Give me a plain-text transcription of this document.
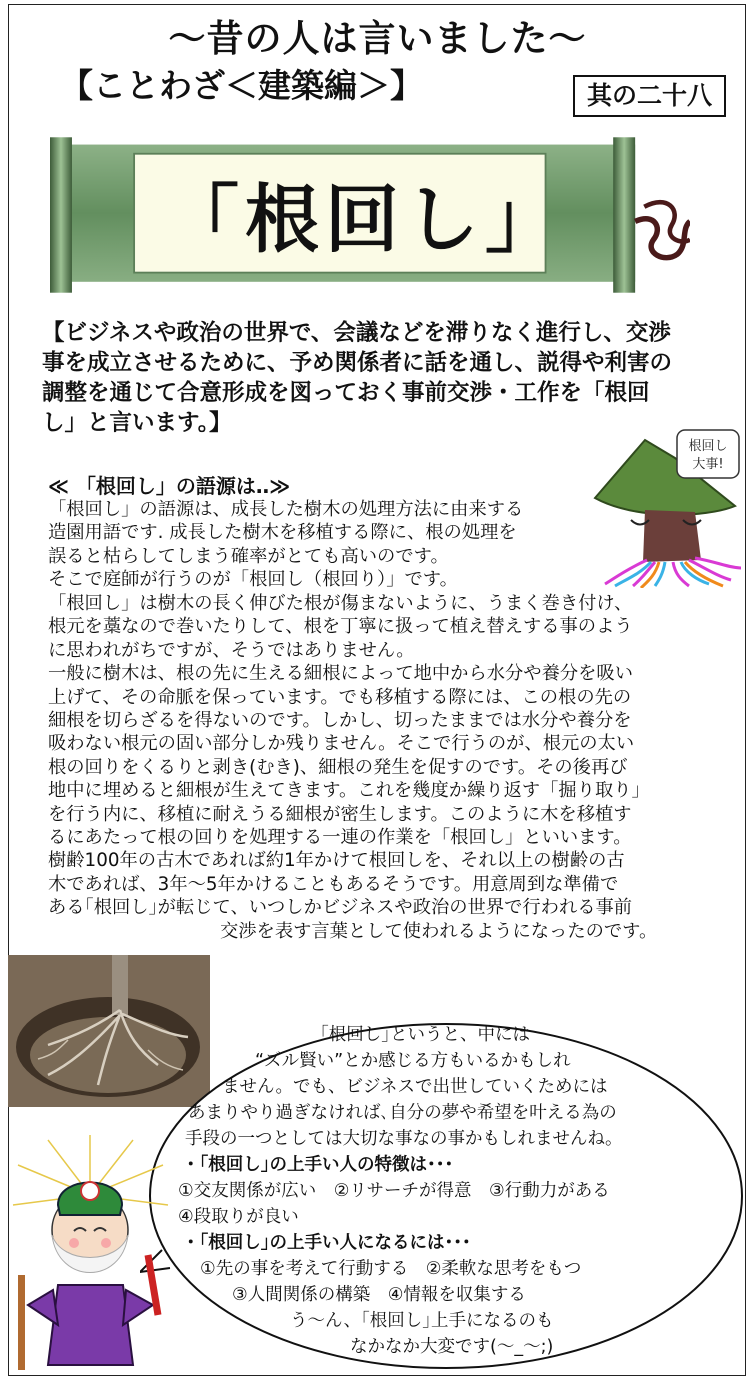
～昔の人は言いました～
【ことわざ＜建築編＞】	其の二十八
「根回し」
【ビジネスや政治の世界で、会議などを滞りなく進行し、交渉
事を成立させるために、予め関係者に話を通し、説得や利害の
調整を通じて合意形成を図っておく事前交渉・工作を「根回
し」と言います。】
根回し
大事!
≪ 「根回し」の語源は‥≫

「根回し」の語源は、成長した樹木の処理方法に由来する

造園用語です. 成長した樹木を移植する際に、根の処理を

誤ると枯らしてしまう確率がとても高いのです。

そこで庭師が行うのが「根回し（根回り）」です。

「根回し」は樹木の長く伸びた根が傷まないように、うまく巻き付け、

根元を藁なので巻いたりして、根を丁寧に扱って植え替えする事のよう

に思われがちですが、そうではありません。

一般に樹木は、根の先に生える細根によって地中から水分や養分を吸い

上げて、その命脈を保っています。でも移植する際には、この根の先の

細根を切らざるを得ないのです。しかし、切ったままでは水分や養分を

吸わない根元の固い部分しか残りません。そこで行うのが、根元の太い

根の回りをくるりと剥き(むき)、細根の発生を促すのです。その後再び

地中に埋めると細根が生えてきます。これを幾度か繰り返す「掘り取り」

を行う内に、移植に耐えうる細根が密生します。このように木を移植す

るにあたって根の回りを処理する一連の作業を「根回し」といいます。

樹齢100年の古木であれば約1年かけて根回しを、それ以上の樹齢の古

木であれば、3年～5年かけることもあるそうです。用意周到な準備で

ある｢根回し｣が転じて、いつしかビジネスや政治の世界で行われる事前

交渉を表す言葉として使われるようになったのです。

｢根回し｣というと、中には

“ズル賢い”とか感じる方もいるかもしれ

ません。でも、ビジネスで出世していくためには

あまりやり過ぎなければ､自分の夢や希望を叶える為の

手段の一つとしては大切な事なの事かもしれませんね。

・｢根回し｣の上手い人の特徴は･･･

①交友関係が広い　②リサーチが得意　③行動力がある

④段取りが良い

・｢根回し｣の上手い人になるには･･･

①先の事を考えて行動する　②柔軟な思考をもつ

③人間関係の構築　④情報を収集する

う～ん、｢根回し｣上手になるのも

なかなか大変です(～_～;)
